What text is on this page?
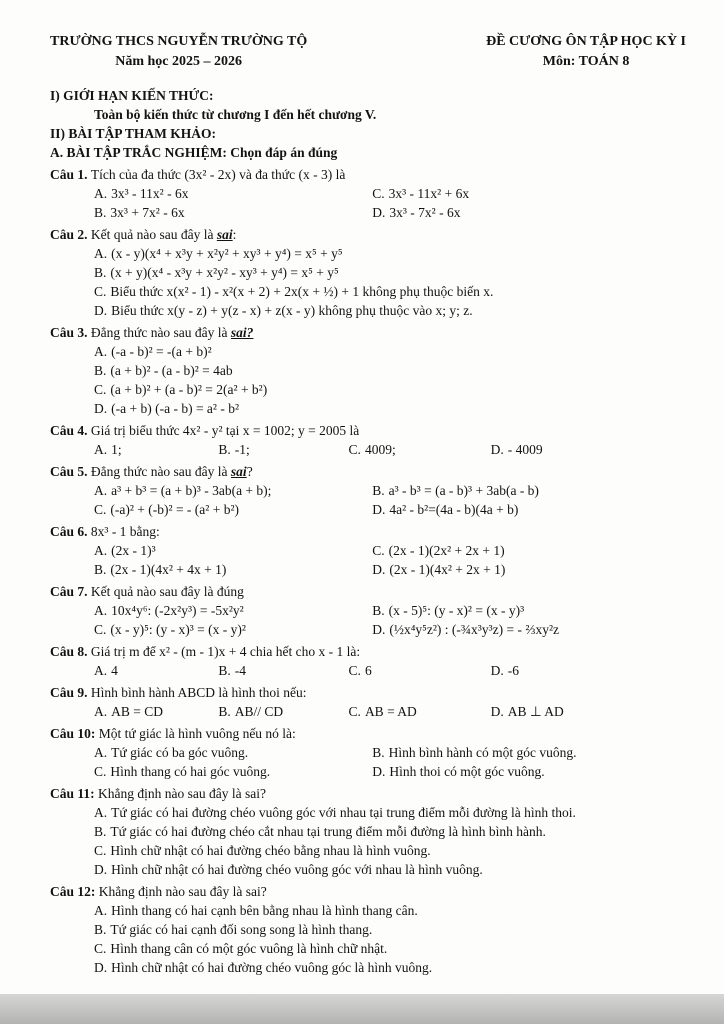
TRƯỜNG THCS NGUYỄN TRƯỜNG TỘ
Năm học 2025 – 2026
ĐỀ CƯƠNG ÔN TẬP HỌC KỲ I
Môn: TOÁN 8
I) GIỚI HẠN KIẾN THỨC:
Toàn bộ kiến thức từ chương I đến hết chương V.
II) BÀI TẬP THAM KHẢO:
A. BÀI TẬP TRẮC NGHIỆM: Chọn đáp án đúng
Câu 1. Tích của đa thức (3x² - 2x) và đa thức (x - 3) là
A. 3x³ - 11x² - 6x	C. 3x³ - 11x² + 6x
B. 3x³ + 7x² - 6x	D. 3x³ - 7x² - 6x
Câu 2. Kết quả nào sau đây là sai:
A. (x - y)(x⁴ + x³y + x²y² + xy³ + y⁴) = x⁵ + y⁵
B. (x + y)(x⁴ - x³y + x²y² - xy³ + y⁴) = x⁵ + y⁵
C. Biểu thức x(x² - 1) - x²(x + 2) + 2x(x + ½) + 1 không phụ thuộc biến x.
D. Biểu thức x(y - z) + y(z - x) + z(x - y) không phụ thuộc vào x; y; z.
Câu 3. Đẳng thức nào sau đây là sai?
A. (-a - b)² = -(a + b)²
B. (a + b)² - (a - b)² = 4ab
C. (a + b)² + (a - b)² = 2(a² + b²)
D. (-a + b) (-a - b) = a² - b²
Câu 4. Giá trị biểu thức 4x² - y² tại x = 1002; y = 2005 là
A. 1;	B. -1;	C. 4009;	D. - 4009
Câu 5. Đẳng thức nào sau đây là sai?
A. a³ + b³ = (a + b)³ - 3ab(a + b);	B. a³ - b³ = (a - b)³ + 3ab(a - b)
C. (-a)² + (-b)² = - (a² + b²)	D. 4a² - b²=(4a - b)(4a + b)
Câu 6. 8x³ - 1 bằng:
A. (2x - 1)³	C. (2x - 1)(2x² + 2x + 1)
B. (2x - 1)(4x² + 4x + 1)	D. (2x - 1)(4x² + 2x + 1)
Câu 7. Kết quả nào sau đây là đúng
A. 10x⁴y⁶: (-2x²y³) = -5x²y²	B. (x - 5)⁵: (y - x)² = (x - y)³
C. (x - y)⁵: (y - x)³ = (x - y)²	D. (½x⁴y⁵z²) : (-¾x³y³z) = - ⅔xy²z
Câu 8. Giá trị m để x² - (m - 1)x + 4 chia hết cho x - 1 là:
A. 4	B. -4	C. 6	D. -6
Câu 9. Hình bình hành ABCD là hình thoi nếu:
A. AB = CD	B. AB// CD	C. AB = AD	D. AB ⊥ AD
Câu 10: Một tứ giác là hình vuông nếu nó là:
A. Tứ giác có ba góc vuông.	B. Hình bình hành có một góc vuông.
C. Hình thang có hai góc vuông.	D. Hình thoi có một góc vuông.
Câu 11: Khẳng định nào sau đây là sai?
A. Tứ giác có hai đường chéo vuông góc với nhau tại trung điểm mỗi đường là hình thoi.
B. Tứ giác có hai đường chéo cắt nhau tại trung điểm mỗi đường là hình bình hành.
C. Hình chữ nhật có hai đường chéo bằng nhau là hình vuông.
D. Hình chữ nhật có hai đường chéo vuông góc với nhau là hình vuông.
Câu 12: Khẳng định nào sau đây là sai?
A. Hình thang có hai cạnh bên bằng nhau là hình thang cân.
B. Tứ giác có hai cạnh đối song song là hình thang.
C. Hình thang cân có một góc vuông là hình chữ nhật.
D. Hình chữ nhật có hai đường chéo vuông góc là hình vuông.
